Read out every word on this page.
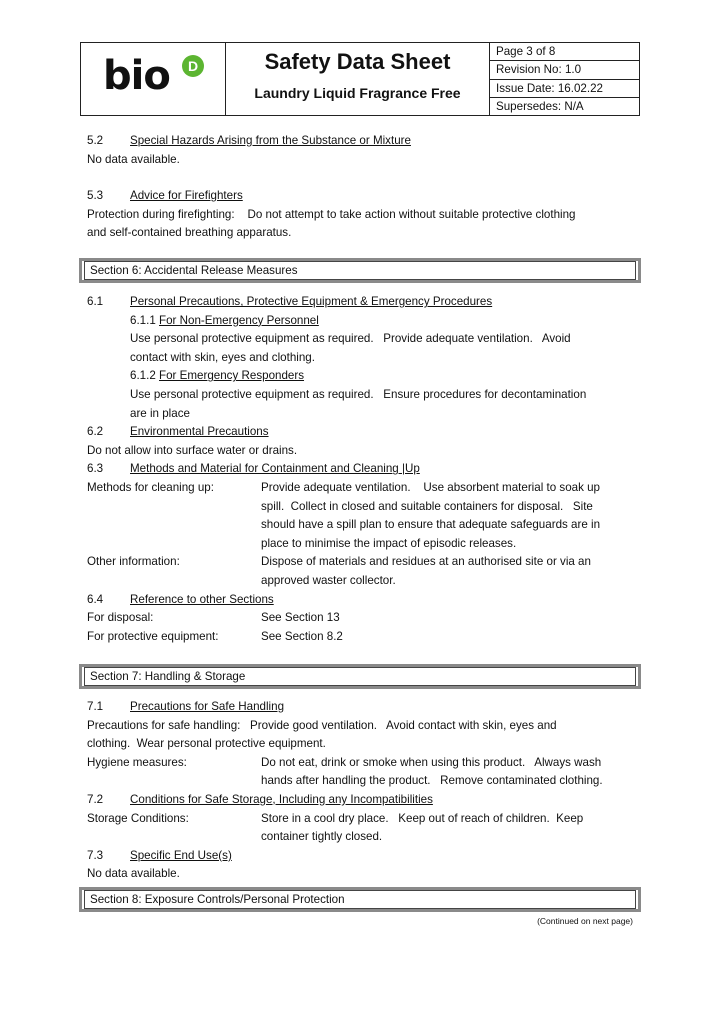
bio	D	Safety Data Sheet
Laundry Liquid Fragrance Free
Page 3 of 8
Revision No: 1.0
Issue Date: 16.02.22
Supersedes: N/A
5.2 Special Hazards Arising from the Substance or Mixture
No data available.
5.3 Advice for Firefighters
Protection during firefighting:    Do not attempt to take action without suitable protective clothing
and self-contained breathing apparatus.
Section 6: Accidental Release Measures
6.1 Personal Precautions, Protective Equipment & Emergency Procedures
6.1.1 For Non-Emergency Personnel
Use personal protective equipment as required.   Provide adequate ventilation.   Avoid
contact with skin, eyes and clothing.
6.1.2 For Emergency Responders
Use personal protective equipment as required.   Ensure procedures for decontamination
are in place
6.2 Environmental Precautions
Do not allow into surface water or drains.
6.3 Methods and Material for Containment and Cleaning |Up
Methods for cleaning up:	Provide adequate ventilation.    Use absorbent material to soak up
spill.  Collect in closed and suitable containers for disposal.   Site
should have a spill plan to ensure that adequate safeguards are in
place to minimise the impact of episodic releases.
Other information:	Dispose of materials and residues at an authorised site or via an
approved waster collector.
6.4 Reference to other Sections
For disposal:	See Section 13
For protective equipment:	See Section 8.2
Section 7: Handling & Storage
7.1 Precautions for Safe Handling
Precautions for safe handling:   Provide good ventilation.   Avoid contact with skin, eyes and
clothing.  Wear personal protective equipment.
Hygiene measures:	Do not eat, drink or smoke when using this product.   Always wash
hands after handling the product.   Remove contaminated clothing.
7.2 Conditions for Safe Storage, Including any Incompatibilities
Storage Conditions:	Store in a cool dry place.   Keep out of reach of children.  Keep
container tightly closed.
7.3 Specific End Use(s)
No data available.
Section 8: Exposure Controls/Personal Protection
(Continued on next page)
